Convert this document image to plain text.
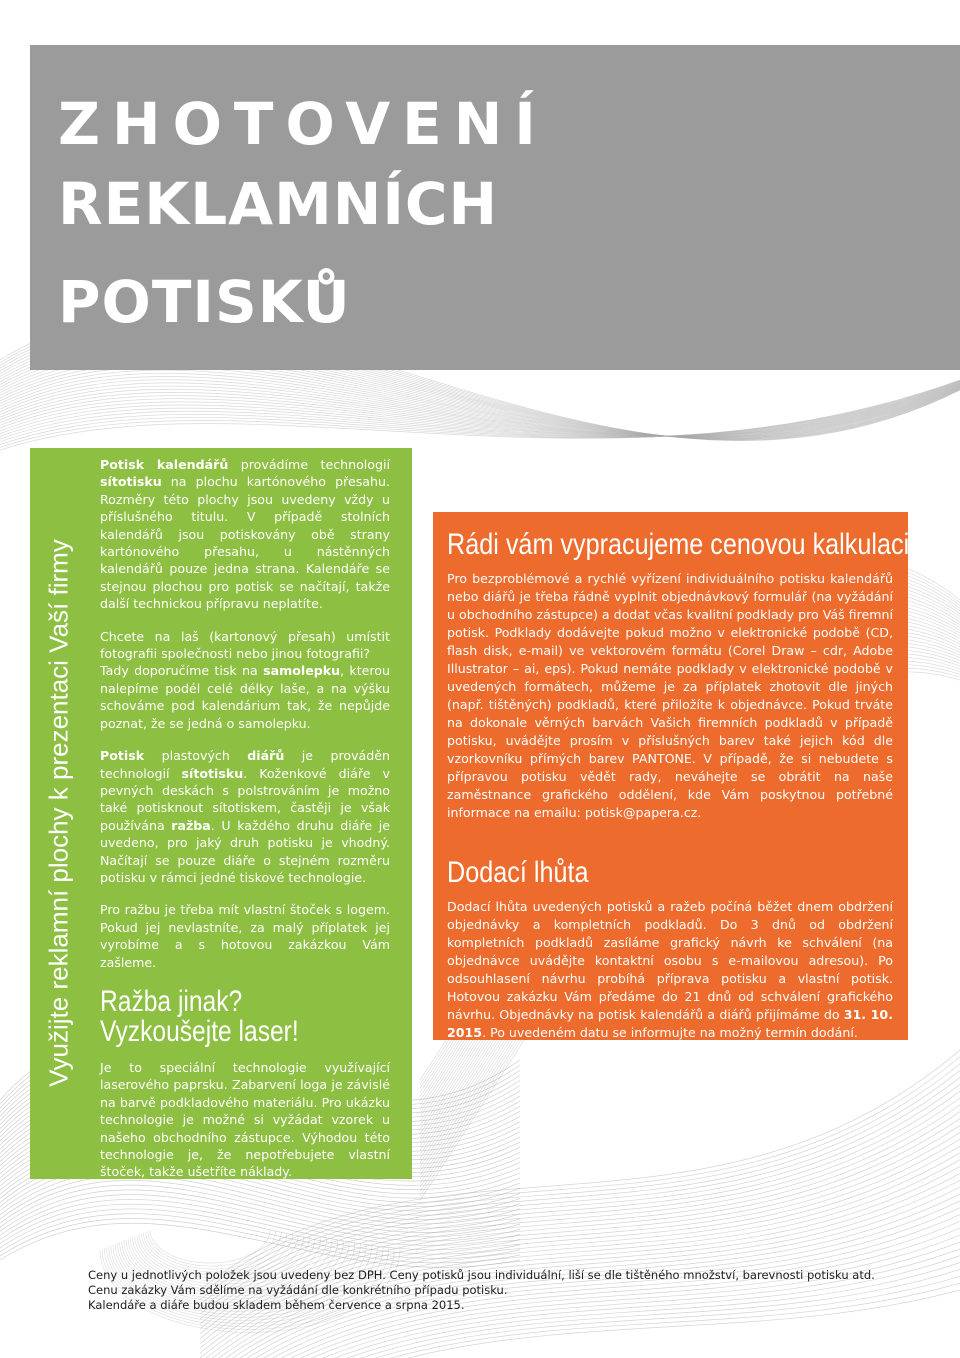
ZHOTOVENÍ
REKLAMNÍCH
POTISKŮ
Využijte reklamní plochy k prezentaci Vaší firmy

Potisk kalendářů provádíme technologií sítotisku na plochu kartónového přesahu. Rozměry této plochy jsou uvedeny vždy u příslušného titulu. V případě stolních kalendářů jsou potiskovány obě strany kartónového přesahu, u nástěnných kalendářů pouze jedna strana. Kalendáře se stejnou plochou pro potisk se načítají, takže další technickou přípravu neplatíte.

Chcete na laš (kartonový přesah) umístit fotografii společnosti nebo jinou fotografii?

Tady doporučíme tisk na samolepku, kterou nalepíme podél celé délky laše, a na výšku schováme pod kalendárium tak, že nepůjde poznat, že se jedná o samolepku.

Potisk plastových diářů je prováděn technologií sítotisku. Koženkové diáře v pevných deskách s polstrováním je možno také potisknout sítotiskem, častěji je však používána ražba. U každého druhu diáře je uvedeno, pro jaký druh potisku je vhodný. Načítají se pouze diáře o stejném rozměru potisku v rámci jedné tiskové technologie.

Pro ražbu je třeba mít vlastní štoček s logem. Pokud jej nevlastníte, za malý příplatek jej vyrobíme a s hotovou zakázkou Vám zašleme.

Ražba jinak?
Vyzkoušejte laser!

Je to speciální technologie využívající laserového paprsku. Zabarvení loga je závislé na barvě podkladového materiálu. Pro ukázku technologie je možné si vyžádat vzorek u našeho obchodního zástupce. Výhodou této technologie je, že nepotřebujete vlastní štoček, takže ušetříte náklady.

Rádi vám vypracujeme cenovou kalkulaci

Pro bezproblémové a rychlé vyřízení individuálního potisku kalendářů nebo diářů je třeba řádně vyplnit objednávkový formulář (na vyžádání u obchodního zástupce) a dodat včas kvalitní podklady pro Váš firemní potisk. Podklady dodávejte pokud možno v elektronické podobě (CD, flash disk, e-mail) ve vektorovém formátu (Corel Draw – cdr, Adobe Illustrator – ai, eps). Pokud nemáte podklady v elektronické podobě v uvedených formátech, můžeme je za příplatek zhotovit dle jiných (např. tištěných) podkladů, které přiložíte k objednávce. Pokud trváte na dokonale věrných barvách Vašich firemních podkladů v případě potisku, uvádějte prosím v příslušných barev také jejich kód dle vzorkovníku přímých barev PANTONE. V případě, že si nebudete s přípravou potisku vědět rady, neváhejte se obrátit na naše zaměstnance grafického oddělení, kde Vám poskytnou potřebné informace na emailu: potisk@papera.cz.

Dodací lhůta

Dodací lhůta uvedených potisků a ražeb počíná běžet dnem obdržení objednávky a kompletních podkladů. Do 3 dnů od obdržení kompletních podkladů zasíláme grafický návrh ke schválení (na objednávce uvádějte kontaktní osobu s e-mailovou adresou). Po odsouhlasení návrhu probíhá příprava potisku a vlastní potisk. Hotovou zakázku Vám předáme do 21 dnů od schválení grafického návrhu. Objednávky na potisk kalendářů a diářů přijímáme do 31. 10. 2015. Po uvedeném datu se informujte na možný termín dodání.

Ceny u jednotlivých položek jsou uvedeny bez DPH. Ceny potisků jsou individuální, liší se dle tištěného množství, barevnosti potisku atd.
Cenu zakázky Vám sdělíme na vyžádání dle konkrétního případu potisku.
Kalendáře a diáře budou skladem během července a srpna 2015.
